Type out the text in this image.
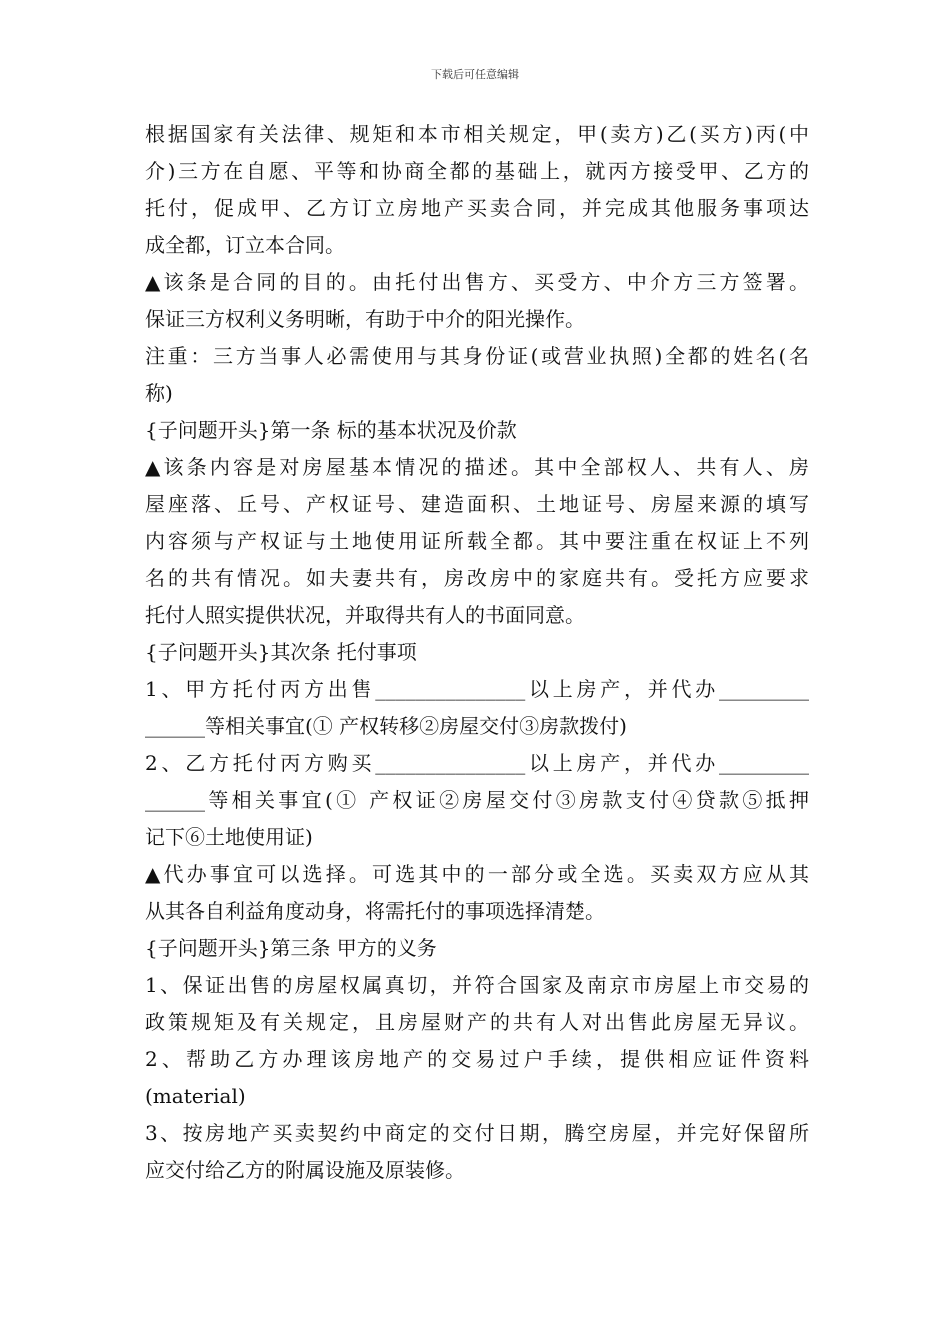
下载后可任意编辑
根据国家有关法律、规矩和本市相关规定，甲(卖方)乙(买方)丙(中
介)三方在自愿、平等和协商全都的基础上，就丙方接受甲、乙方的
托付，促成甲、乙方订立房地产买卖合同，并完成其他服务事项达
成全都，订立本合同。
▲该条是合同的目的。由托付出售方、买受方、中介方三方签署。
保证三方权利义务明晰，有助于中介的阳光操作。
注重：三方当事人必需使用与其身份证(或营业执照)全都的姓名(名
称)
{子问题开头}第一条 标的基本状况及价款
▲该条内容是对房屋基本情况的描述。其中全部权人、共有人、房
屋座落、丘号、产权证号、建造面积、土地证号、房屋来源的填写
内容须与产权证与土地使用证所载全都。其中要注重在权证上不列
名的共有情况。如夫妻共有，房改房中的家庭共有。受托方应要求
托付人照实提供状况，并取得共有人的书面同意。
{子问题开头}其次条 托付事项
1、甲方托付丙方出售_______________以上房产，并代办_________
______等相关事宜(① 产权转移②房屋交付③房款拨付)
2、乙方托付丙方购买_______________以上房产，并代办_________
______等相关事宜(① 产权证②房屋交付③房款支付④贷款⑤抵押
记下⑥土地使用证)
▲代办事宜可以选择。可选其中的一部分或全选。买卖双方应从其
从其各自利益角度动身，将需托付的事项选择清楚。
{子问题开头}第三条 甲方的义务
1、保证出售的房屋权属真切，并符合国家及南京市房屋上市交易的
政策规矩及有关规定，且房屋财产的共有人对出售此房屋无异议。
2、帮助乙方办理该房地产的交易过户手续，提供相应证件资料
(material)
3、按房地产买卖契约中商定的交付日期，腾空房屋，并完好保留所
应交付给乙方的附属设施及原装修。
